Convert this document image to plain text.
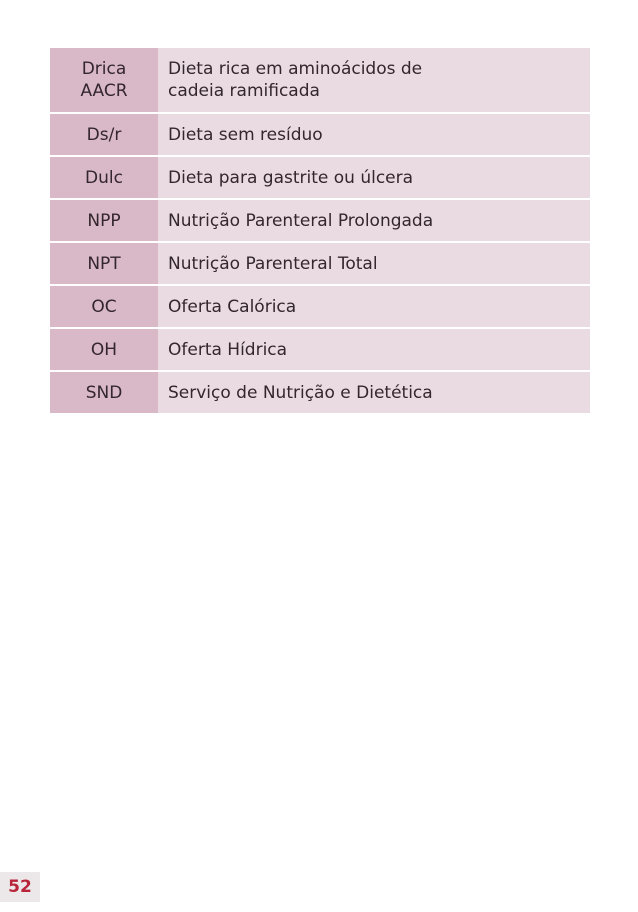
Drica
AACR	Dieta rica em aminoácidos de
cadeia ramificada
Ds/r	Dieta sem resíduo
Dulc	Dieta para gastrite ou úlcera
NPP	Nutrição Parenteral Prolongada
NPT	Nutrição Parenteral Total
OC	Oferta Calórica
OH	Oferta Hídrica
SND	Serviço de Nutrição e Dietética
52
